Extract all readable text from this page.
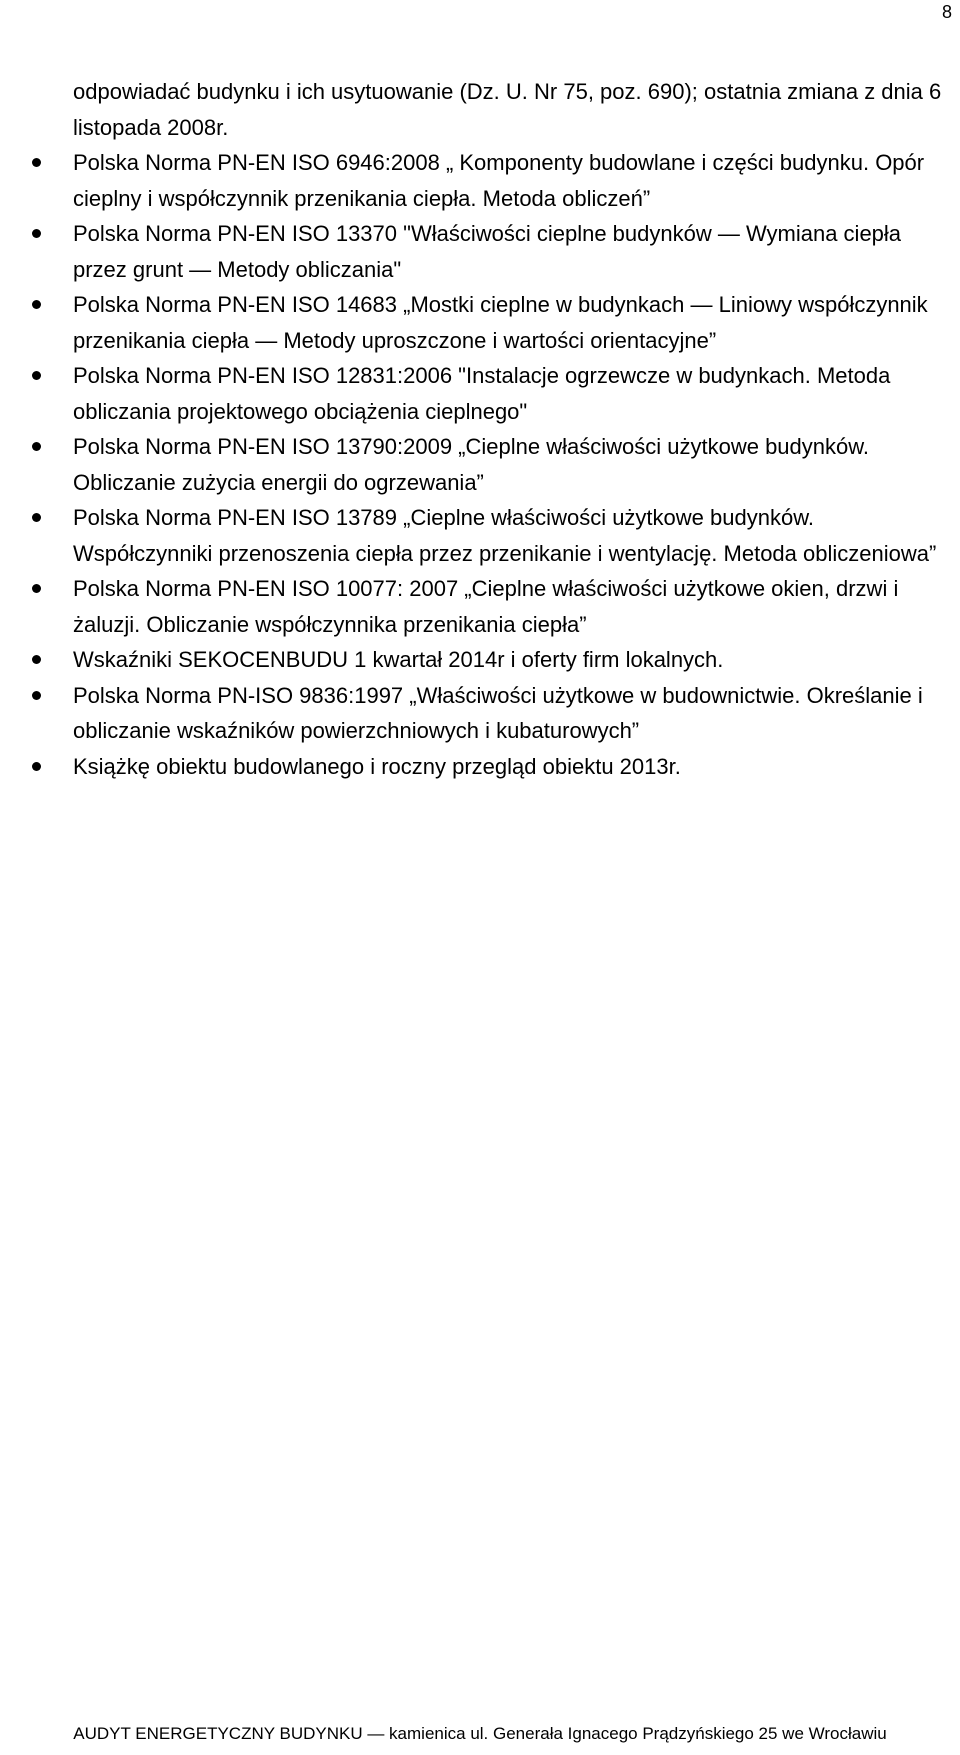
8

odpowiadać budynku i ich usytuowanie (Dz. U. Nr 75, poz. 690); ostatnia zmiana z dnia 6 listopada 2008r.

Polska Norma PN-EN ISO 6946:2008 „ Komponenty budowlane i części budynku. Opór cieplny i współczynnik przenikania ciepła. Metoda obliczeń”
Polska Norma PN-EN ISO 13370 "Właściwości cieplne budynków — Wymiana ciepła przez grunt — Metody obliczania"
Polska Norma PN-EN ISO 14683 „Mostki cieplne w budynkach — Liniowy współczynnik przenikania ciepła — Metody uproszczone i wartości orientacyjne”
Polska Norma PN-EN ISO 12831:2006 "Instalacje ogrzewcze w budynkach. Metoda obliczania projektowego obciążenia cieplnego"
Polska Norma PN-EN ISO 13790:2009 „Cieplne właściwości użytkowe budynków. Obliczanie zużycia energii do ogrzewania”
Polska Norma PN-EN ISO 13789 „Cieplne właściwości użytkowe budynków. Współczynniki przenoszenia ciepła przez przenikanie i wentylację. Metoda obliczeniowa”
Polska Norma PN-EN ISO 10077: 2007 „Cieplne właściwości użytkowe okien, drzwi i żaluzji. Obliczanie współczynnika przenikania ciepła”
Wskaźniki SEKOCENBUDU 1 kwartał 2014r i oferty firm lokalnych.
Polska Norma PN-ISO 9836:1997 „Właściwości użytkowe w budownictwie. Określanie i obliczanie wskaźników powierzchniowych i kubaturowych”
Książkę obiektu budowlanego i roczny przegląd obiektu 2013r.
AUDYT ENERGETYCZNY BUDYNKU — kamienica ul. Generała Ignacego Prądzyńskiego 25 we Wrocławiu
